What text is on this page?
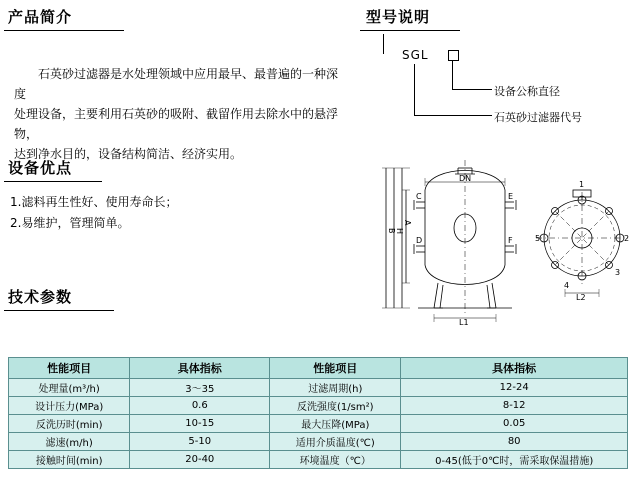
产品简介

石英砂过滤器是水处理领域中应用最早、最普遍的一种深度

处理设备，主要利用石英砂的吸附、截留作用去除水中的悬浮物，

达到净水目的，设备结构简洁、经济实用。

设备优点
1.滤料再生性好、使用寿命长；
2.易维护，管理简单。
技术参数
型号说明
SGL
设备公称直径
石英砂过滤器代号
DN
A
B H
C
D
E
F
L1
L2
1
2
3
4
5
性能项目	具体指标	性能项目	具体指标
处理量(m³/h)	3～35	过滤周期(h)	12-24
设计压力(MPa)	0.6	反洗强度(1/sm²)	8-12
反洗历时(min)	10-15	最大压降(MPa)	0.05
滤速(m/h)	5-10	适用介质温度(℃)	80
接触时间(min)	20-40	环境温度（℃）	0-45(低于0℃时，需采取保温措施)
